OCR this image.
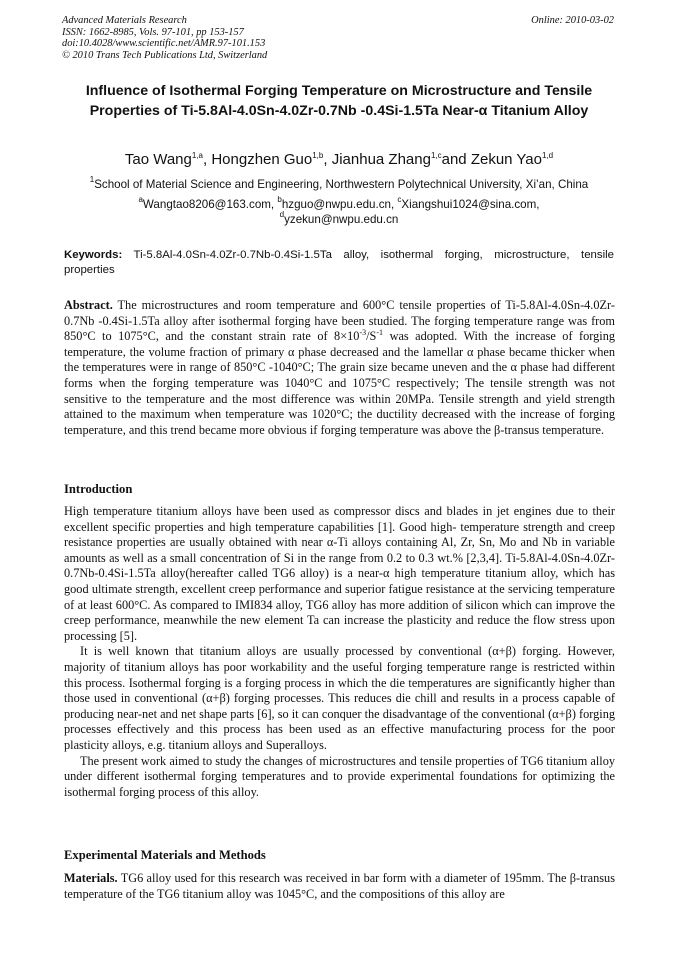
Advanced Materials Research
ISSN: 1662-8985, Vols. 97-101, pp 153-157
doi:10.4028/www.scientific.net/AMR.97-101.153
© 2010 Trans Tech Publications Ltd, Switzerland
Online: 2010-03-02
Influence of Isothermal Forging Temperature on Microstructure and Tensile Properties of Ti-5.8Al-4.0Sn-4.0Zr-0.7Nb -0.4Si-1.5Ta Near-α Titanium Alloy
Tao Wang$^{1,a}$, Hongzhen Guo$^{1,b}$, Jianhua Zhang$^{1,c}$and Zekun Yao$^{1,d}$
$^1$School of Material Science and Engineering, Northwestern Polytechnical University, Xi’an, China
$^a$Wangtao8206@163.com, $^b$hzguo@nwpu.edu.cn, $^c$Xiangshui1024@sina.com,
$^d$yzekun@nwpu.edu.cn
Keywords: Ti-5.8Al-4.0Sn-4.0Zr-0.7Nb-0.4Si-1.5Ta alloy, isothermal forging, microstructure, tensile properties

Abstract. The microstructures and room temperature and 600°C tensile properties of Ti-5.8Al-4.0Sn-4.0Zr-0.7Nb -0.4Si-1.5Ta alloy after isothermal forging have been studied. The forging temperature range was from 850°C to 1075°C, and the constant strain rate of $8\times 10^{-3}/S^{-1}$ was adopted. With the increase of forging temperature, the volume fraction of primary α phase decreased and the lamellar α phase became thicker when the temperatures were in range of 850°C -1040°C; The grain size became uneven and the α phase had different forms when the forging temperature was 1040°C and 1075°C respectively; The tensile strength was not sensitive to the temperature and the most difference was within 20MPa. Tensile strength and yield strength attained to the maximum when temperature was 1020°C; the ductility decreased with the increase of forging temperature, and this trend became more obvious if forging temperature was above the β-transus temperature.

Introduction

High temperature titanium alloys have been used as compressor discs and blades in jet engines due to their excellent specific properties and high temperature capabilities [1]. Good high- temperature strength and creep resistance properties are usually obtained with near α-Ti alloys containing Al, Zr, Sn, Mo and Nb in variable amounts as well as a small concentration of Si in the range from 0.2 to 0.3 wt.% [2,3,4]. Ti-5.8Al-4.0Sn-4.0Zr-0.7Nb-0.4Si-1.5Ta alloy(hereafter called TG6 alloy) is a near-α high temperature titanium alloy, which has good ultimate strength, excellent creep performance and superior fatigue resistance at the servicing temperature of at least 600°C. As compared to IMI834 alloy, TG6 alloy has more addition of silicon which can improve the creep performance, meanwhile the new element Ta can increase the plasticity and reduce the flow stress upon processing [5].

It is well known that titanium alloys are usually processed by conventional (α+β) forging. However, majority of titanium alloys has poor workability and the useful forging temperature range is restricted within this process. Isothermal forging is a forging process in which the die temperatures are significantly higher than those used in conventional (α+β) forging processes. This reduces die chill and results in a process capable of producing near-net and net shape parts [6], so it can conquer the disadvantage of the conventional (α+β) forging processes effectively and this process has been used as an effective manufacturing process for the poor plasticity alloys, e.g. titanium alloys and Superalloys.

The present work aimed to study the changes of microstructures and tensile properties of TG6 titanium alloy under different isothermal forging temperatures and to provide experimental foundations for optimizing the isothermal forging process of this alloy.

Experimental Materials and Methods

Materials. TG6 alloy used for this research was received in bar form with a diameter of 195mm. The β-transus temperature of the TG6 titanium alloy was 1045°C, and the compositions of this alloy are
